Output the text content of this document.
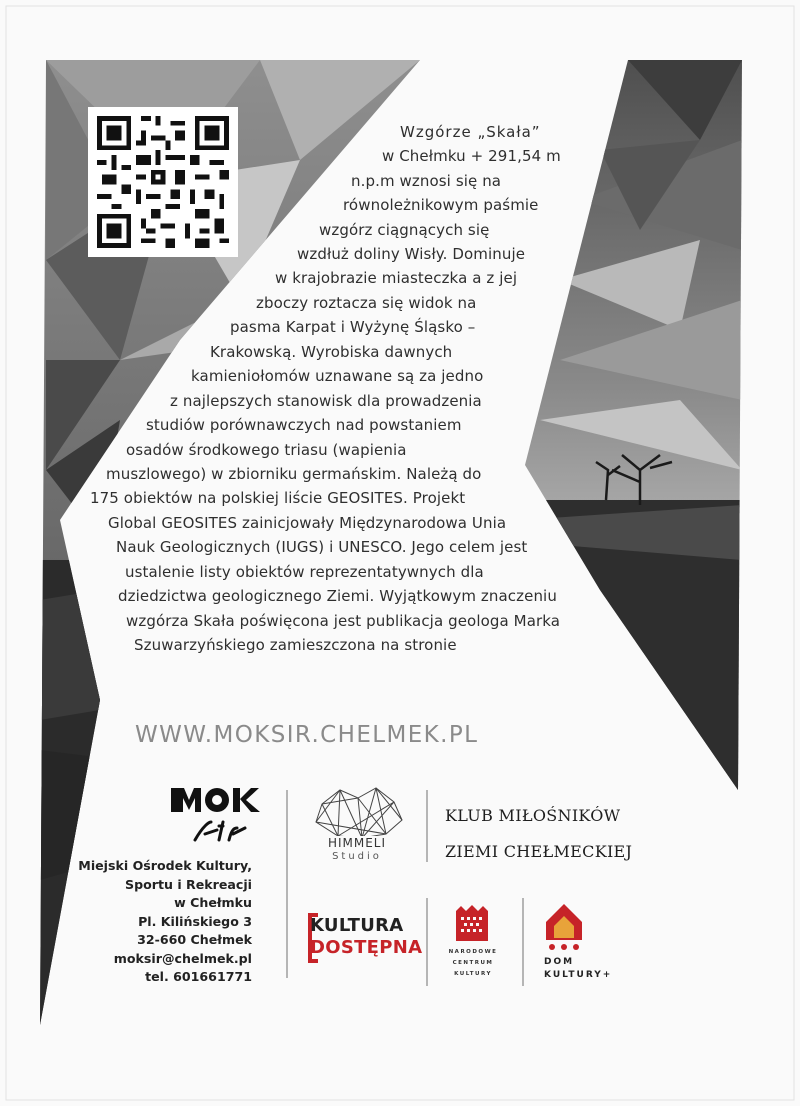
Wzgórze „Skała”
w Chełmku + 291,54 m
n.p.m wznosi się na
równoleżnikowym paśmie
wzgórz ciągnących się
wzdłuż doliny Wisły. Dominuje
w krajobrazie miasteczka a z jej
zboczy roztacza się widok na
pasma Karpat i Wyżynę Śląsko –
Krakowską. Wyrobiska dawnych
kamieniołomów uznawane są za jedno
z najlepszych stanowisk dla prowadzenia
studiów porównawczych nad powstaniem
osadów środkowego triasu (wapienia
muszlowego) w zbiorniku germańskim. Należą do
175 obiektów na polskiej liście GEOSITES. Projekt
Global GEOSITES zainicjowały Międzynarodowa Unia
Nauk Geologicznych (IUGS) i UNESCO. Jego celem jest
ustalenie listy obiektów reprezentatywnych dla
dziedzictwa geologicznego Ziemi. Wyjątkowym znaczeniu
wzgórza Skała poświęcona jest publikacja geologa Marka
Szuwarzyńskiego zamieszczona na stronie
WWW.MOKSIR.CHELMEK.PL
Miejski Ośrodek Kultury,
Sportu i Rekreacji
w Chełmku
Pl. Kilińskiego 3
32-660 Chełmek
moksir@chelmek.pl
tel. 601661771
HIMMELI
Studio
KLUB MIŁOŚNIKÓW
ZIEMI CHEŁMECKIEJ
KULTURA
DOSTĘPNA	NARODOWE
CENTRUM
KULTURY
DOM
KULTURY+
